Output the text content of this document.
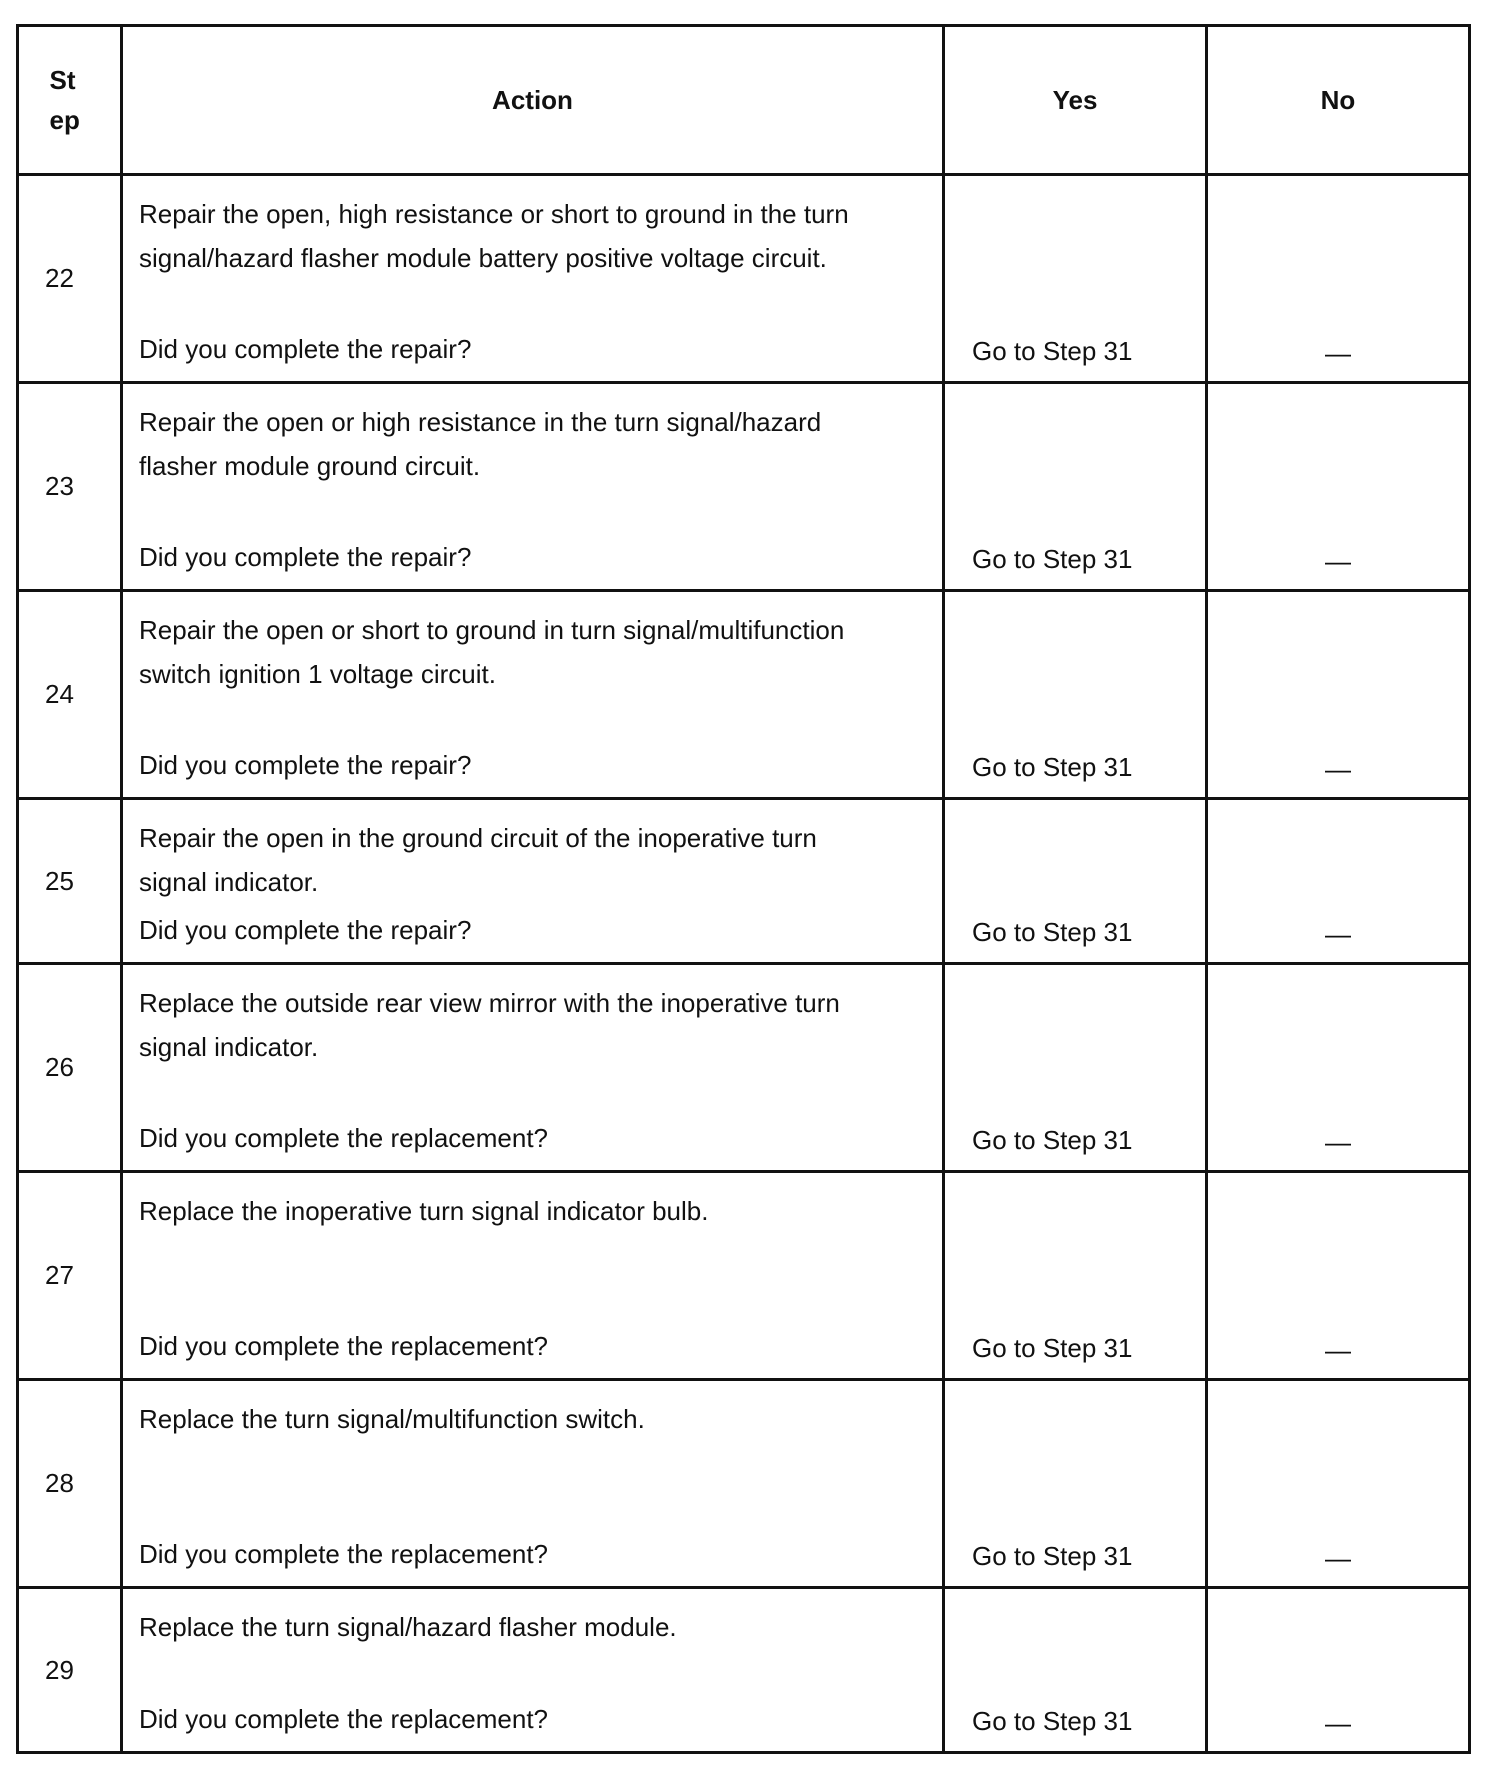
Step	Action	Yes	No

22	Repair the open, high resistance or short to ground in the turn signal/hazard flasher module battery positive voltage circuit.
Did you complete the repair?	Go to Step 31	—

23	Repair the open or high resistance in the turn signal/hazard flasher module ground circuit.
Did you complete the repair?	Go to Step 31	—

24	Repair the open or short to ground in turn signal/multifunction switch ignition 1 voltage circuit.
Did you complete the repair?	Go to Step 31	—

25	Repair the open in the ground circuit of the inoperative turn signal indicator.
Did you complete the repair?	Go to Step 31	—

26	Replace the outside rear view mirror with the inoperative turn signal indicator.
Did you complete the replacement?	Go to Step 31	—

27	Replace the inoperative turn signal indicator bulb.
Did you complete the replacement?	Go to Step 31	—

28	Replace the turn signal/multifunction switch.
Did you complete the replacement?	Go to Step 31	—

29	Replace the turn signal/hazard flasher module.
Did you complete the replacement?	Go to Step 31	—
